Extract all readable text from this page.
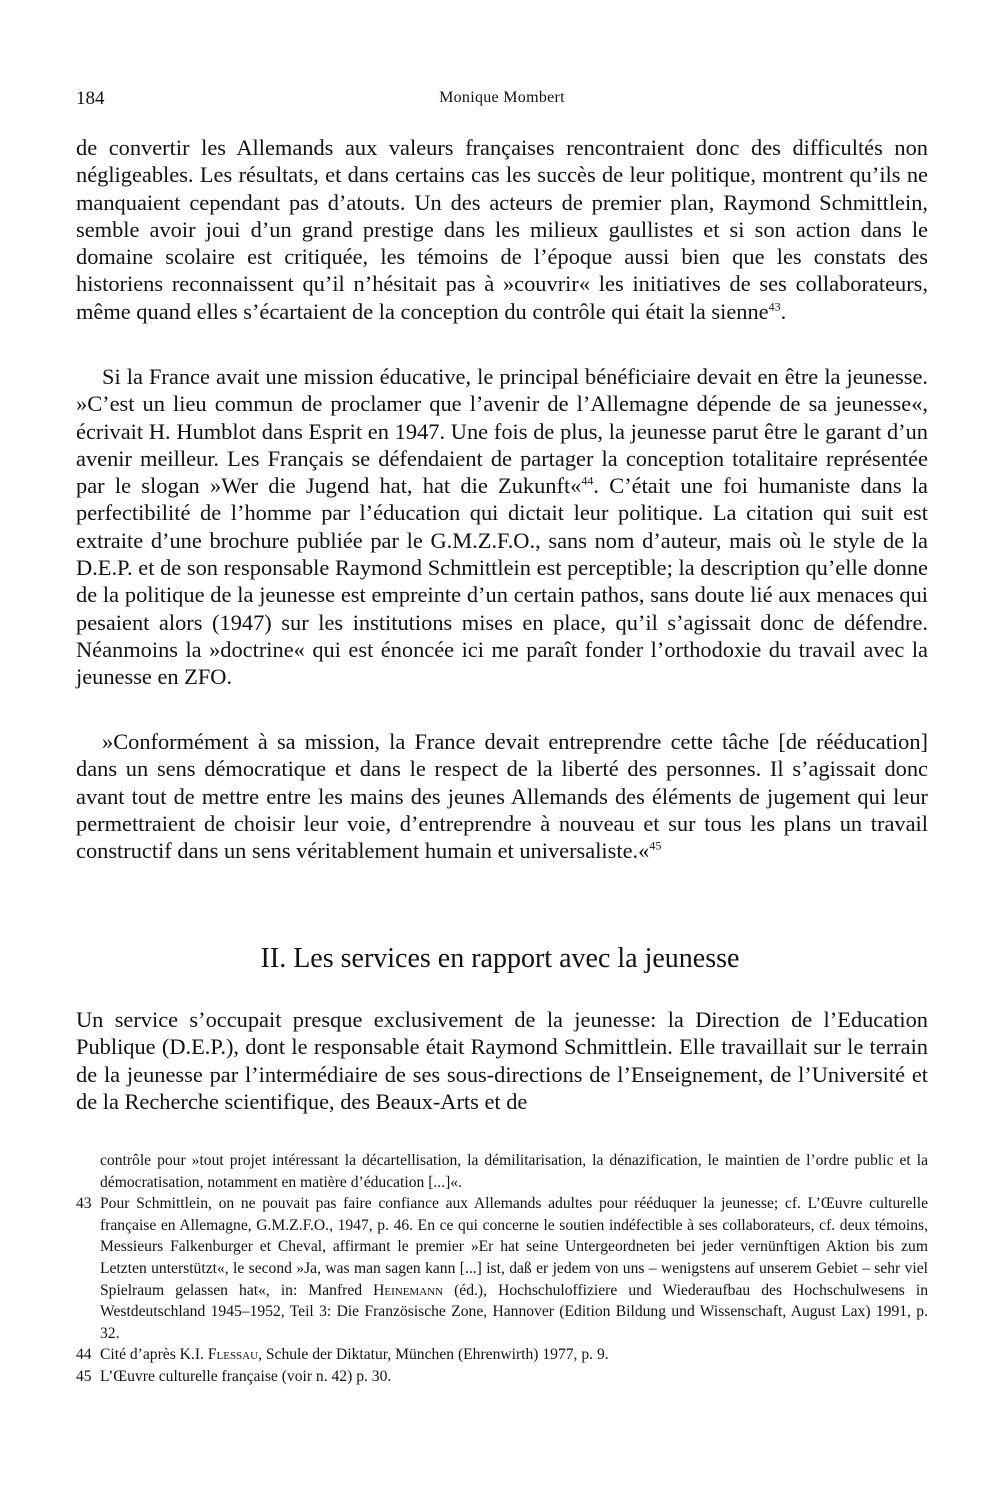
184	Monique Mombert

de convertir les Allemands aux valeurs françaises rencontraient donc des difficultés non négligeables. Les résultats, et dans certains cas les succès de leur politique, montrent qu’ils ne manquaient cependant pas d’atouts. Un des acteurs de premier plan, Raymond Schmittlein, semble avoir joui d’un grand prestige dans les milieux gaullistes et si son action dans le domaine scolaire est critiquée, les témoins de l’époque aussi bien que les constats des historiens reconnaissent qu’il n’hésitait pas à »couvrir« les initiatives de ses collaborateurs, même quand elles s’écartaient de la conception du contrôle qui était la sienne$^{43}$.

Si la France avait une mission éducative, le principal bénéficiaire devait en être la jeunesse. »C’est un lieu commun de proclamer que l’avenir de l’Allemagne dépende de sa jeunesse«, écrivait H. Humblot dans Esprit en 1947. Une fois de plus, la jeunesse parut être le garant d’un avenir meilleur. Les Français se défendaient de partager la conception totalitaire représentée par le slogan »Wer die Jugend hat, hat die Zukunft«$^{44}$. C’était une foi humaniste dans la perfectibilité de l’homme par l’éducation qui dictait leur politique. La citation qui suit est extraite d’une brochure publiée par le G.M.Z.F.O., sans nom d’auteur, mais où le style de la D.E.P. et de son responsable Raymond Schmittlein est perceptible; la description qu’elle donne de la politique de la jeunesse est empreinte d’un certain pathos, sans doute lié aux menaces qui pesaient alors (1947) sur les institutions mises en place, qu’il s’agissait donc de défendre. Néanmoins la »doctrine« qui est énoncée ici me paraît fonder l’orthodoxie du travail avec la jeunesse en ZFO.

»Conformément à sa mission, la France devait entreprendre cette tâche [de rééducation] dans un sens démocratique et dans le respect de la liberté des personnes. Il s’agissait donc avant tout de mettre entre les mains des jeunes Allemands des éléments de jugement qui leur permettraient de choisir leur voie, d’entreprendre à nouveau et sur tous les plans un travail constructif dans un sens véritablement humain et universaliste.«$^{45}$

II. Les services en rapport avec la jeunesse

Un service s’occupait presque exclusivement de la jeunesse: la Direction de l’Education Publique (D.E.P.), dont le responsable était Raymond Schmittlein. Elle travaillait sur le terrain de la jeunesse par l’intermédiaire de ses sous-directions de l’Enseignement, de l’Université et de la Recherche scientifique, des Beaux-Arts et de

contrôle pour »tout projet intéressant la décartellisation, la démilitarisation, la dénazification, le maintien de l’ordre public et la démocratisation, notamment en matière d’éducation [...]«.

43 Pour Schmittlein, on ne pouvait pas faire confiance aux Allemands adultes pour rééduquer la jeunesse; cf. L’Œuvre culturelle française en Allemagne, G.M.Z.F.O., 1947, p. 46. En ce qui concerne le soutien indéfectible à ses collaborateurs, cf. deux témoins, Messieurs Falkenburger et Cheval, affirmant le premier »Er hat seine Untergeordneten bei jeder vernünftigen Aktion bis zum Letzten unterstützt«, le second »Ja, was man sagen kann [...] ist, daß er jedem von uns – wenigstens auf unserem Gebiet – sehr viel Spielraum gelassen hat«, in: Manfred Heinemann (éd.), Hochschuloffiziere und Wiederaufbau des Hochschulwesens in Westdeutschland 1945–1952, Teil 3: Die Französische Zone, Hannover (Edition Bildung und Wissenschaft, August Lax) 1991, p. 32.

44 Cité d’après K.I. Flessau, Schule der Diktatur, München (Ehrenwirth) 1977, p. 9.

45 L’Œuvre culturelle française (voir n. 42) p. 30.
